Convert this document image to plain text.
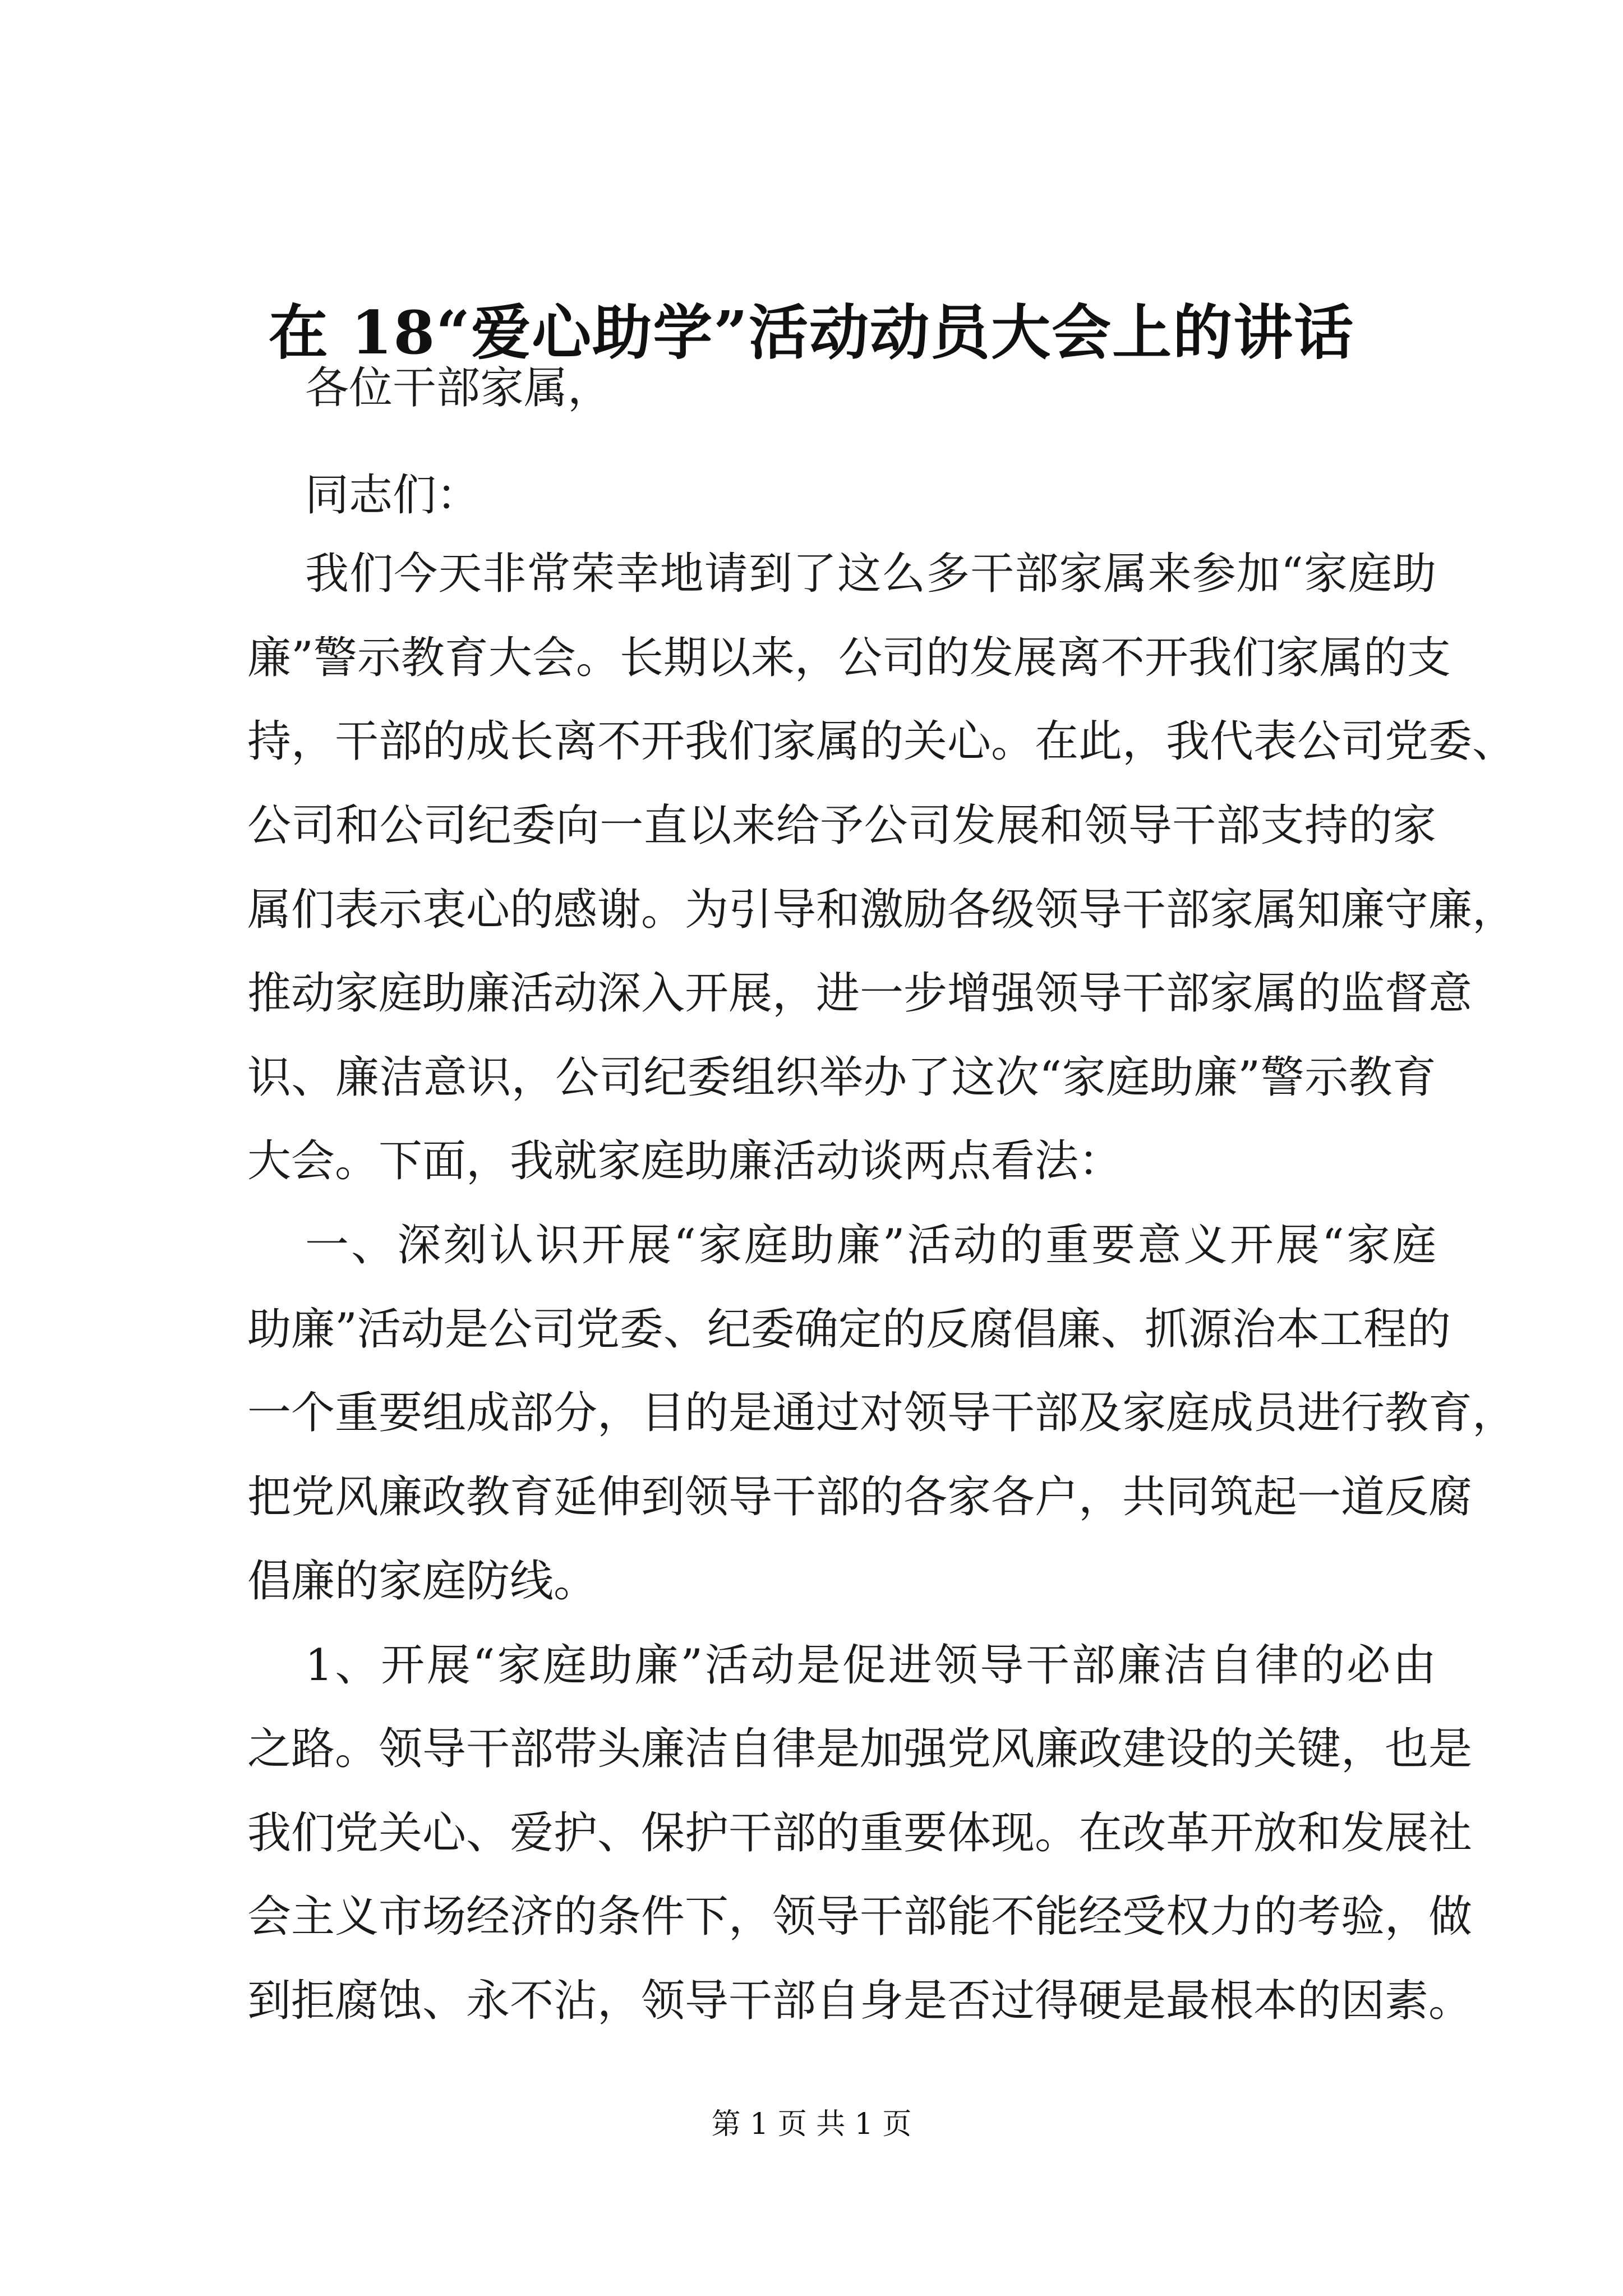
在 18“爱心助学”活动动员大会上的讲话

各位干部家属，

同志们：

我们今天非常荣幸地请到了这么多干部家属来参加“家庭助

廉”警示教育大会。长期以来，公司的发展离不开我们家属的支

持，干部的成长离不开我们家属的关心。在此，我代表公司党委、

公司和公司纪委向一直以来给予公司发展和领导干部支持的家

属们表示衷心的感谢。为引导和激励各级领导干部家属知廉守廉，

推动家庭助廉活动深入开展，进一步增强领导干部家属的监督意

识、廉洁意识，公司纪委组织举办了这次“家庭助廉”警示教育

大会。下面，我就家庭助廉活动谈两点看法：

一、深刻认识开展“家庭助廉”活动的重要意义开展“家庭

助廉”活动是公司党委、纪委确定的反腐倡廉、抓源治本工程的

一个重要组成部分，目的是通过对领导干部及家庭成员进行教育，

把党风廉政教育延伸到领导干部的各家各户，共同筑起一道反腐

倡廉的家庭防线。

1、开展“家庭助廉”活动是促进领导干部廉洁自律的必由

之路。领导干部带头廉洁自律是加强党风廉政建设的关键，也是

我们党关心、爱护、保护干部的重要体现。在改革开放和发展社

会主义市场经济的条件下，领导干部能不能经受权力的考验，做

到拒腐蚀、永不沾，领导干部自身是否过得硬是最根本的因素。

第 1 页 共 1 页
